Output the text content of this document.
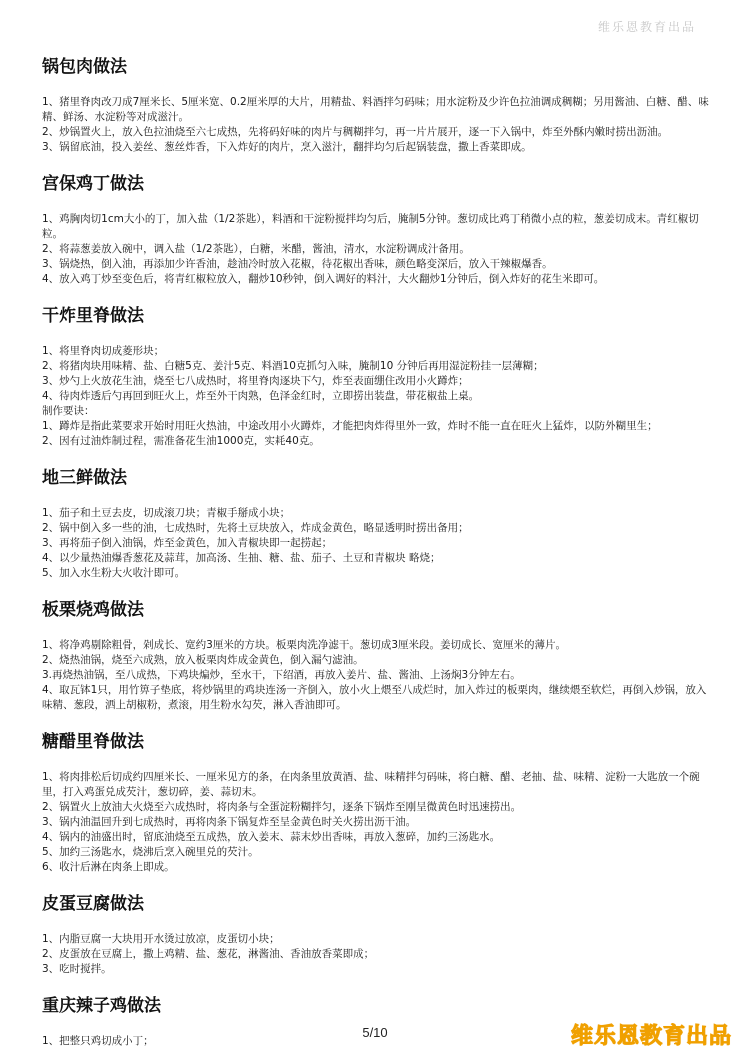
维乐恩教育出品
锅包肉做法

1、猪里脊肉改刀成7厘米长、5厘米宽、0.2厘米厚的大片，用精盐、料酒拌匀码味；用水淀粉及少许色拉油调成稠糊；另用酱油、白糖、醋、味精、鲜汤、水淀粉等对成滋汁。

2、炒锅置火上，放入色拉油烧至六七成热，先将码好味的肉片与稠糊拌匀，再一片片展开，逐一下入锅中，炸至外酥内嫩时捞出沥油。

3、锅留底油，投入姜丝、葱丝炸香，下入炸好的肉片，烹入滋汁，翻拌均匀后起锅装盘，撒上香菜即成。

宫保鸡丁做法

1、鸡胸肉切1cm大小的丁，加入盐（1/2茶匙），料酒和干淀粉搅拌均匀后，腌制5分钟。葱切成比鸡丁稍微小点的粒，葱姜切成末。青红椒切粒。

2、将蒜葱姜放入碗中，调入盐（1/2茶匙），白糖，米醋，酱油，清水，水淀粉调成汁备用。

3、锅烧热，倒入油，再添加少许香油，趁油冷时放入花椒，待花椒出香味，颜色略变深后，放入干辣椒爆香。

4、放入鸡丁炒至变色后，将青红椒粒放入，翻炒10秒钟，倒入调好的料汁，大火翻炒1分钟后，倒入炸好的花生米即可。

干炸里脊做法

1、将里脊肉切成菱形块；

2、将猪肉块用味精、盐、白糖5克、姜汁5克、料酒10克抓匀入味，腌制10 分钟后再用湿淀粉挂一层薄糊；

3、炒勺上火放花生油，烧至七八成热时，将里脊肉逐块下勺，炸至表面绷住改用小火蹲炸；

4、待肉炸透后勺再回到旺火上，炸至外干肉熟，色泽金红时，立即捞出装盘，带花椒盐上桌。

制作要诀：

1、蹲炸是指此菜要求开始时用旺火热油，中途改用小火蹲炸，才能把肉炸得里外一致，炸时不能一直在旺火上猛炸，以防外糊里生；

2、因有过油炸制过程，需准备花生油1000克，实耗40克。

地三鲜做法

1、茄子和土豆去皮，切成滚刀块；青椒手掰成小块；

2、锅中倒入多一些的油，七成热时，先将土豆块放入，炸成金黄色，略显透明时捞出备用；

3、再将茄子倒入油锅，炸至金黄色，加入青椒块即一起捞起；

4、以少量热油爆香葱花及蒜茸，加高汤、生抽、糖、盐、茄子、土豆和青椒块 略烧；

5、加入水生粉大火收汁即可。

板栗烧鸡做法

1、将净鸡剔除粗骨，剁成长、宽约3厘米的方块。板栗肉洗净滤干。葱切成3厘米段。姜切成长、宽厘米的薄片。

2、烧热油锅，烧至六成熟，放入板栗肉炸成金黄色，倒入漏勺滤油。

3.再烧热油锅，至八成热，下鸡块煸炒，至水干，下绍酒，再放入姜片、盐、酱油、上汤焖3分钟左右。

4、取瓦钵1只，用竹箅子垫底，将炒锅里的鸡块连汤一齐倒入，放小火上煨至八成烂时，加入炸过的板栗肉，继续煨至软烂，再倒入炒锅，放入味精、葱段，洒上胡椒粉，煮滚，用生粉水勾芡，淋入香油即可。

糖醋里脊做法

1、将肉排松后切成约四厘米长、一厘米见方的条，在肉条里放黄酒、盐、味精拌匀码味，将白糖、醋、老抽、盐、味精、淀粉一大匙放一个碗里，打入鸡蛋兑成芡汁，葱切碎，姜、蒜切末。

2、锅置火上放油大火烧至六成热时，将肉条与全蛋淀粉糊拌匀，逐条下锅炸至刚呈微黄色时迅速捞出。

3、锅内油温回升到七成热时，再将肉条下锅复炸至呈金黄色时关火捞出沥干油。

4、锅内的油盛出时，留底油烧至五成热，放入姜末、蒜末炒出香味，再放入葱碎，加约三汤匙水。

5、加约三汤匙水，烧沸后烹入碗里兑的芡汁。

6、收汁后淋在肉条上即成。

皮蛋豆腐做法

1、内脂豆腐一大块用开水烫过放凉，皮蛋切小块；

2、皮蛋放在豆腐上，撒上鸡精、盐、葱花，淋酱油、香油放香菜即成；

3、吃时搅拌。

重庆辣子鸡做法

1、把整只鸡切成小丁；

5/10	维乐恩教育出品
